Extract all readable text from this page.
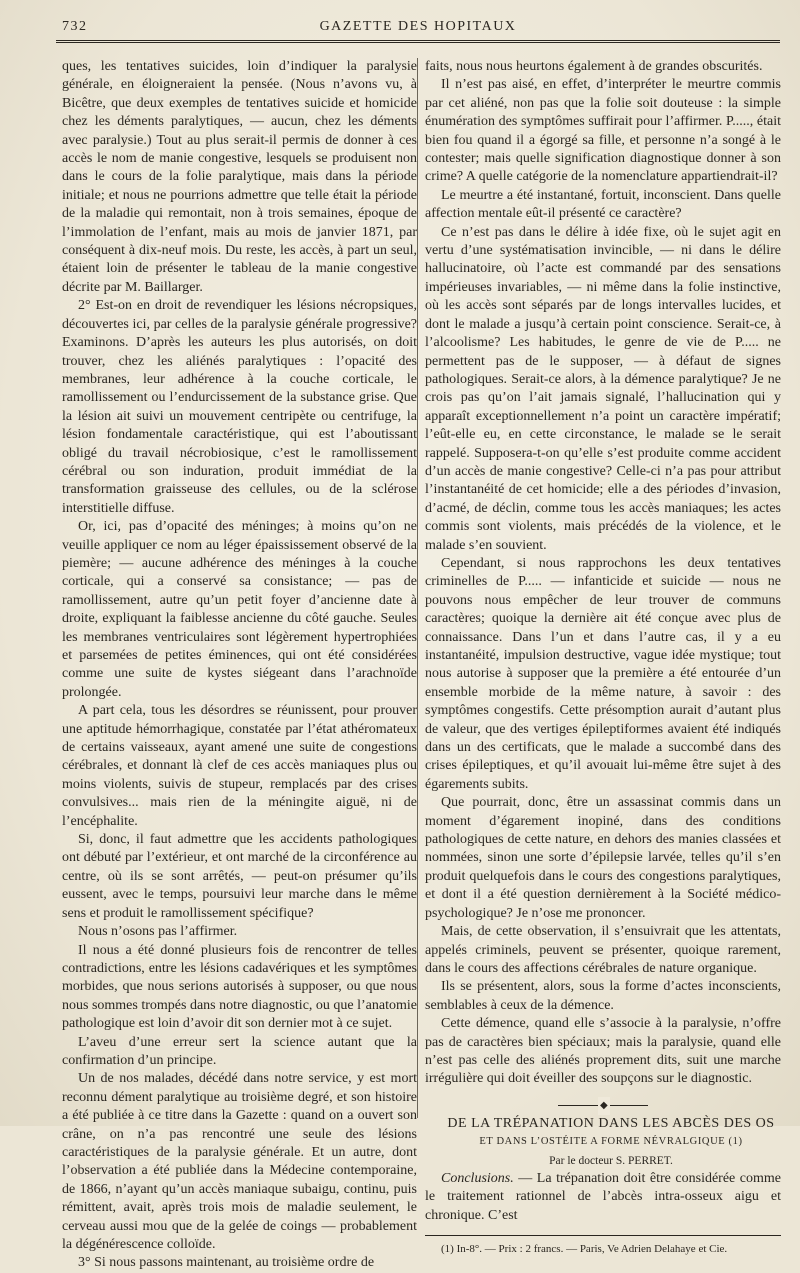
732	GAZETTE DES HOPITAUX

ques, les tentatives suicides, loin d’indiquer la paralysie générale, en éloigneraient la pensée. (Nous n’avons vu, à Bicêtre, que deux exemples de tentatives suicide et homicide chez les déments paralytiques, — aucun, chez les déments avec paralysie.) Tout au plus serait-il permis de donner à ces accès le nom de manie congestive, lesquels se produisent non dans le cours de la folie paralytique, mais dans la période initiale; et nous ne pourrions admettre que telle était la période de la maladie qui remontait, non à trois semaines, époque de l’immolation de l’enfant, mais au mois de janvier 1871, par conséquent à dix-neuf mois. Du reste, les accès, à part un seul, étaient loin de présenter le tableau de la manie congestive décrite par M. Baillarger.

2° Est-on en droit de revendiquer les lésions nécropsiques, découvertes ici, par celles de la paralysie générale progressive? Examinons. D’après les auteurs les plus autorisés, on doit trouver, chez les aliénés paralytiques : l’opacité des membranes, leur adhérence à la couche corticale, le ramollissement ou l’endurcissement de la substance grise. Que la lésion ait suivi un mouvement centripète ou centrifuge, la lésion fondamentale caractéristique, qui est l’aboutissant obligé du travail nécrobiosique, c’est le ramollissement cérébral ou son induration, produit immédiat de la transformation graisseuse des cellules, ou de la sclérose interstitielle diffuse.

Or, ici, pas d’opacité des méninges; à moins qu’on ne veuille appliquer ce nom au léger épaississement observé de la piemère; — aucune adhérence des méninges à la couche corticale, qui a conservé sa consistance; — pas de ramollissement, autre qu’un petit foyer d’ancienne date à droite, expliquant la faiblesse ancienne du côté gauche. Seules les membranes ventriculaires sont légèrement hypertrophiées et parsemées de petites éminences, qui ont été considérées comme une suite de kystes siégeant dans l’arachnoïde prolongée.

A part cela, tous les désordres se réunissent, pour prouver une aptitude hémorrhagique, constatée par l’état athéromateux de certains vaisseaux, ayant amené une suite de congestions cérébrales, et donnant là clef de ces accès maniaques plus ou moins violents, suivis de stupeur, remplacés par des crises convulsives... mais rien de la méningite aiguë, ni de l’encéphalite.

Si, donc, il faut admettre que les accidents pathologiques ont débuté par l’extérieur, et ont marché de la circonférence au centre, où ils se sont arrêtés, — peut-on présumer qu’ils eussent, avec le temps, poursuivi leur marche dans le même sens et produit le ramollissement spécifique?

Nous n’osons pas l’affirmer.

Il nous a été donné plusieurs fois de rencontrer de telles contradictions, entre les lésions cadavériques et les symptômes morbides, que nous serions autorisés à supposer, ou que nous nous sommes trompés dans notre diagnostic, ou que l’anatomie pathologique est loin d’avoir dit son dernier mot à ce sujet.

L’aveu d’une erreur sert la science autant que la confirmation d’un principe.

Un de nos malades, décédé dans notre service, y est mort reconnu dément paralytique au troisième degré, et son histoire a été publiée à ce titre dans la Gazette : quand on a ouvert son crâne, on n’a pas rencontré une seule des lésions caractéristiques de la paralysie générale. Et un autre, dont l’observation a été publiée dans la Médecine contemporaine, de 1866, n’ayant qu’un accès maniaque subaigu, continu, puis rémittent, avait, après trois mois de maladie seulement, le cerveau aussi mou que de la gelée de coings — probablement la dégénérescence colloïde.

3° Si nous passons maintenant, au troisième ordre de

faits, nous nous heurtons également à de grandes obscurités.

Il n’est pas aisé, en effet, d’interpréter le meurtre commis par cet aliéné, non pas que la folie soit douteuse : la simple énumération des symptômes suffirait pour l’affirmer. P....., était bien fou quand il a égorgé sa fille, et personne n’a songé à le contester; mais quelle signification diagnostique donner à son crime? A quelle catégorie de la nomenclature appartiendrait-il?

Le meurtre a été instantané, fortuit, inconscient. Dans quelle affection mentale eût-il présenté ce caractère?

Ce n’est pas dans le délire à idée fixe, où le sujet agit en vertu d’une systématisation invincible, — ni dans le délire hallucinatoire, où l’acte est commandé par des sensations impérieuses invariables, — ni même dans la folie instinctive, où les accès sont séparés par de longs intervalles lucides, et dont le malade a jusqu’à certain point conscience. Serait-ce, à l’alcoolisme? Les habitudes, le genre de vie de P..... ne permettent pas de le supposer, — à défaut de signes pathologiques. Serait-ce alors, à la démence paralytique? Je ne crois pas qu’on l’ait jamais signalé, l’hallucination qui y apparaît exceptionnellement n’a point un caractère impératif; l’eût-elle eu, en cette circonstance, le malade se le serait rappelé. Supposera-t-on qu’elle s’est produite comme accident d’un accès de manie congestive? Celle-ci n’a pas pour attribut l’instantanéité de cet homicide; elle a des périodes d’invasion, d’acmé, de déclin, comme tous les accès maniaques; les actes commis sont violents, mais précédés de la violence, et le malade s’en souvient.

Cependant, si nous rapprochons les deux tentatives criminelles de P..... — infanticide et suicide — nous ne pouvons nous empêcher de leur trouver de communs caractères; quoique la dernière ait été conçue avec plus de connaissance. Dans l’un et dans l’autre cas, il y a eu instantanéité, impulsion destructive, vague idée mystique; tout nous autorise à supposer que la première a été entourée d’un ensemble morbide de la même nature, à savoir : des symptômes congestifs. Cette présomption aurait d’autant plus de valeur, que des vertiges épileptiformes avaient été indiqués dans un des certificats, que le malade a succombé dans des crises épileptiques, et qu’il avouait lui-même être sujet à des égarements subits.

Que pourrait, donc, être un assassinat commis dans un moment d’égarement inopiné, dans des conditions pathologiques de cette nature, en dehors des manies classées et nommées, sinon une sorte d’épilepsie larvée, telles qu’il s’en produit quelquefois dans le cours des congestions paralytiques, et dont il a été question dernièrement à la Société médico-psychologique? Je n’ose me prononcer.

Mais, de cette observation, il s’ensuivrait que les attentats, appelés criminels, peuvent se présenter, quoique rarement, dans le cours des affections cérébrales de nature organique.

Ils se présentent, alors, sous la forme d’actes inconscients, semblables à ceux de la démence.

Cette démence, quand elle s’associe à la paralysie, n’offre pas de caractères bien spéciaux; mais la paralysie, quand elle n’est pas celle des aliénés proprement dits, suit une marche irrégulière qui doit éveiller des soupçons sur le diagnostic.

◆

DE LA TRÉPANATION DANS LES ABCÈS DES OS

ET DANS L’OSTÉITE A FORME NÉVRALGIQUE (1)

Par le docteur S. PERRET.

Conclusions. — La trépanation doit être considérée comme le traitement rationnel de l’abcès intra-osseux aigu et chronique. C’est

(1) In-8°. — Prix : 2 francs. — Paris, Ve Adrien Delahaye et Cie.
